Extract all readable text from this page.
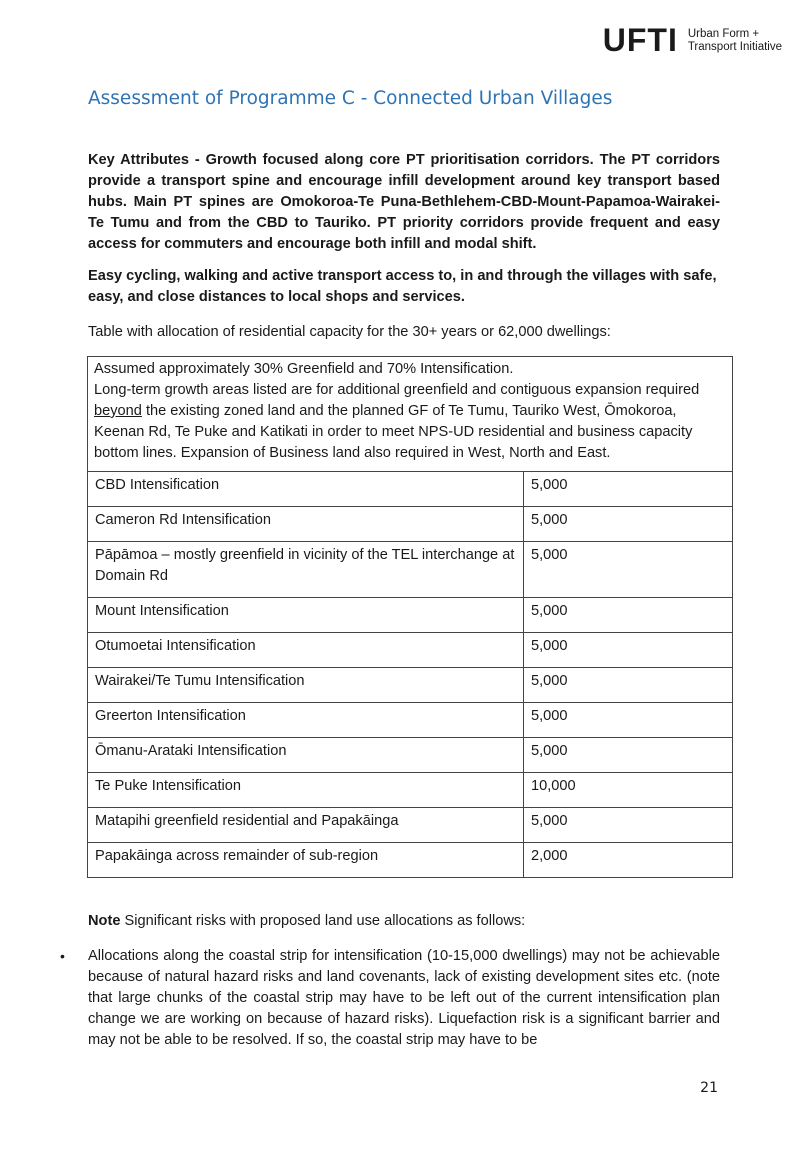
UFTI Urban Form +
Transport Initiative
Assessment of Programme C - Connected Urban Villages

Key Attributes - Growth focused along core PT prioritisation corridors. The PT corridors provide a transport spine and encourage infill development around key transport based hubs. Main PT spines are Omokoroa-Te Puna-Bethlehem-CBD-Mount-Papamoa-Wairakei-Te Tumu and from the CBD to Tauriko. PT priority corridors provide frequent and easy access for commuters and encourage both infill and modal shift.

Easy cycling, walking and active transport access to, in and through the villages with safe, easy, and close distances to local shops and services.

Table with allocation of residential capacity for the 30+ years or 62,000 dwellings:

Assumed approximately 30% Greenfield and 70% Intensification.
Long-term growth areas listed are for additional greenfield and contiguous expansion required
beyond the existing zoned land and the planned GF of Te Tumu, Tauriko West, Ōmokoroa, Keenan Rd, Te Puke and Katikati in order to meet NPS-UD residential and business capacity bottom lines. Expansion of Business land also required in West, North and East.	

CBD Intensification	5,000
Cameron Rd Intensification	5,000
Pāpāmoa – mostly greenfield in vicinity of the TEL interchange at Domain Rd	5,000
Mount Intensification	5,000
Otumoetai Intensification	5,000
Wairakei/Te Tumu Intensification	5,000
Greerton Intensification	5,000
Ōmanu-Arataki Intensification	5,000
Te Puke Intensification	10,000
Matapihi greenfield residential and Papakāinga	5,000
Papakāinga across remainder of sub-region	2,000
Note Significant risks with proposed land use allocations as follows:
•	Allocations along the coastal strip for intensification (10-15,000 dwellings) may not be achievable because of natural hazard risks and land covenants, lack of existing development sites etc. (note that large chunks of the coastal strip may have to be left out of the current intensification plan change we are working on because of hazard risks). Liquefaction risk is a significant barrier and may not be able to be resolved. If so, the coastal strip may have to be
21
